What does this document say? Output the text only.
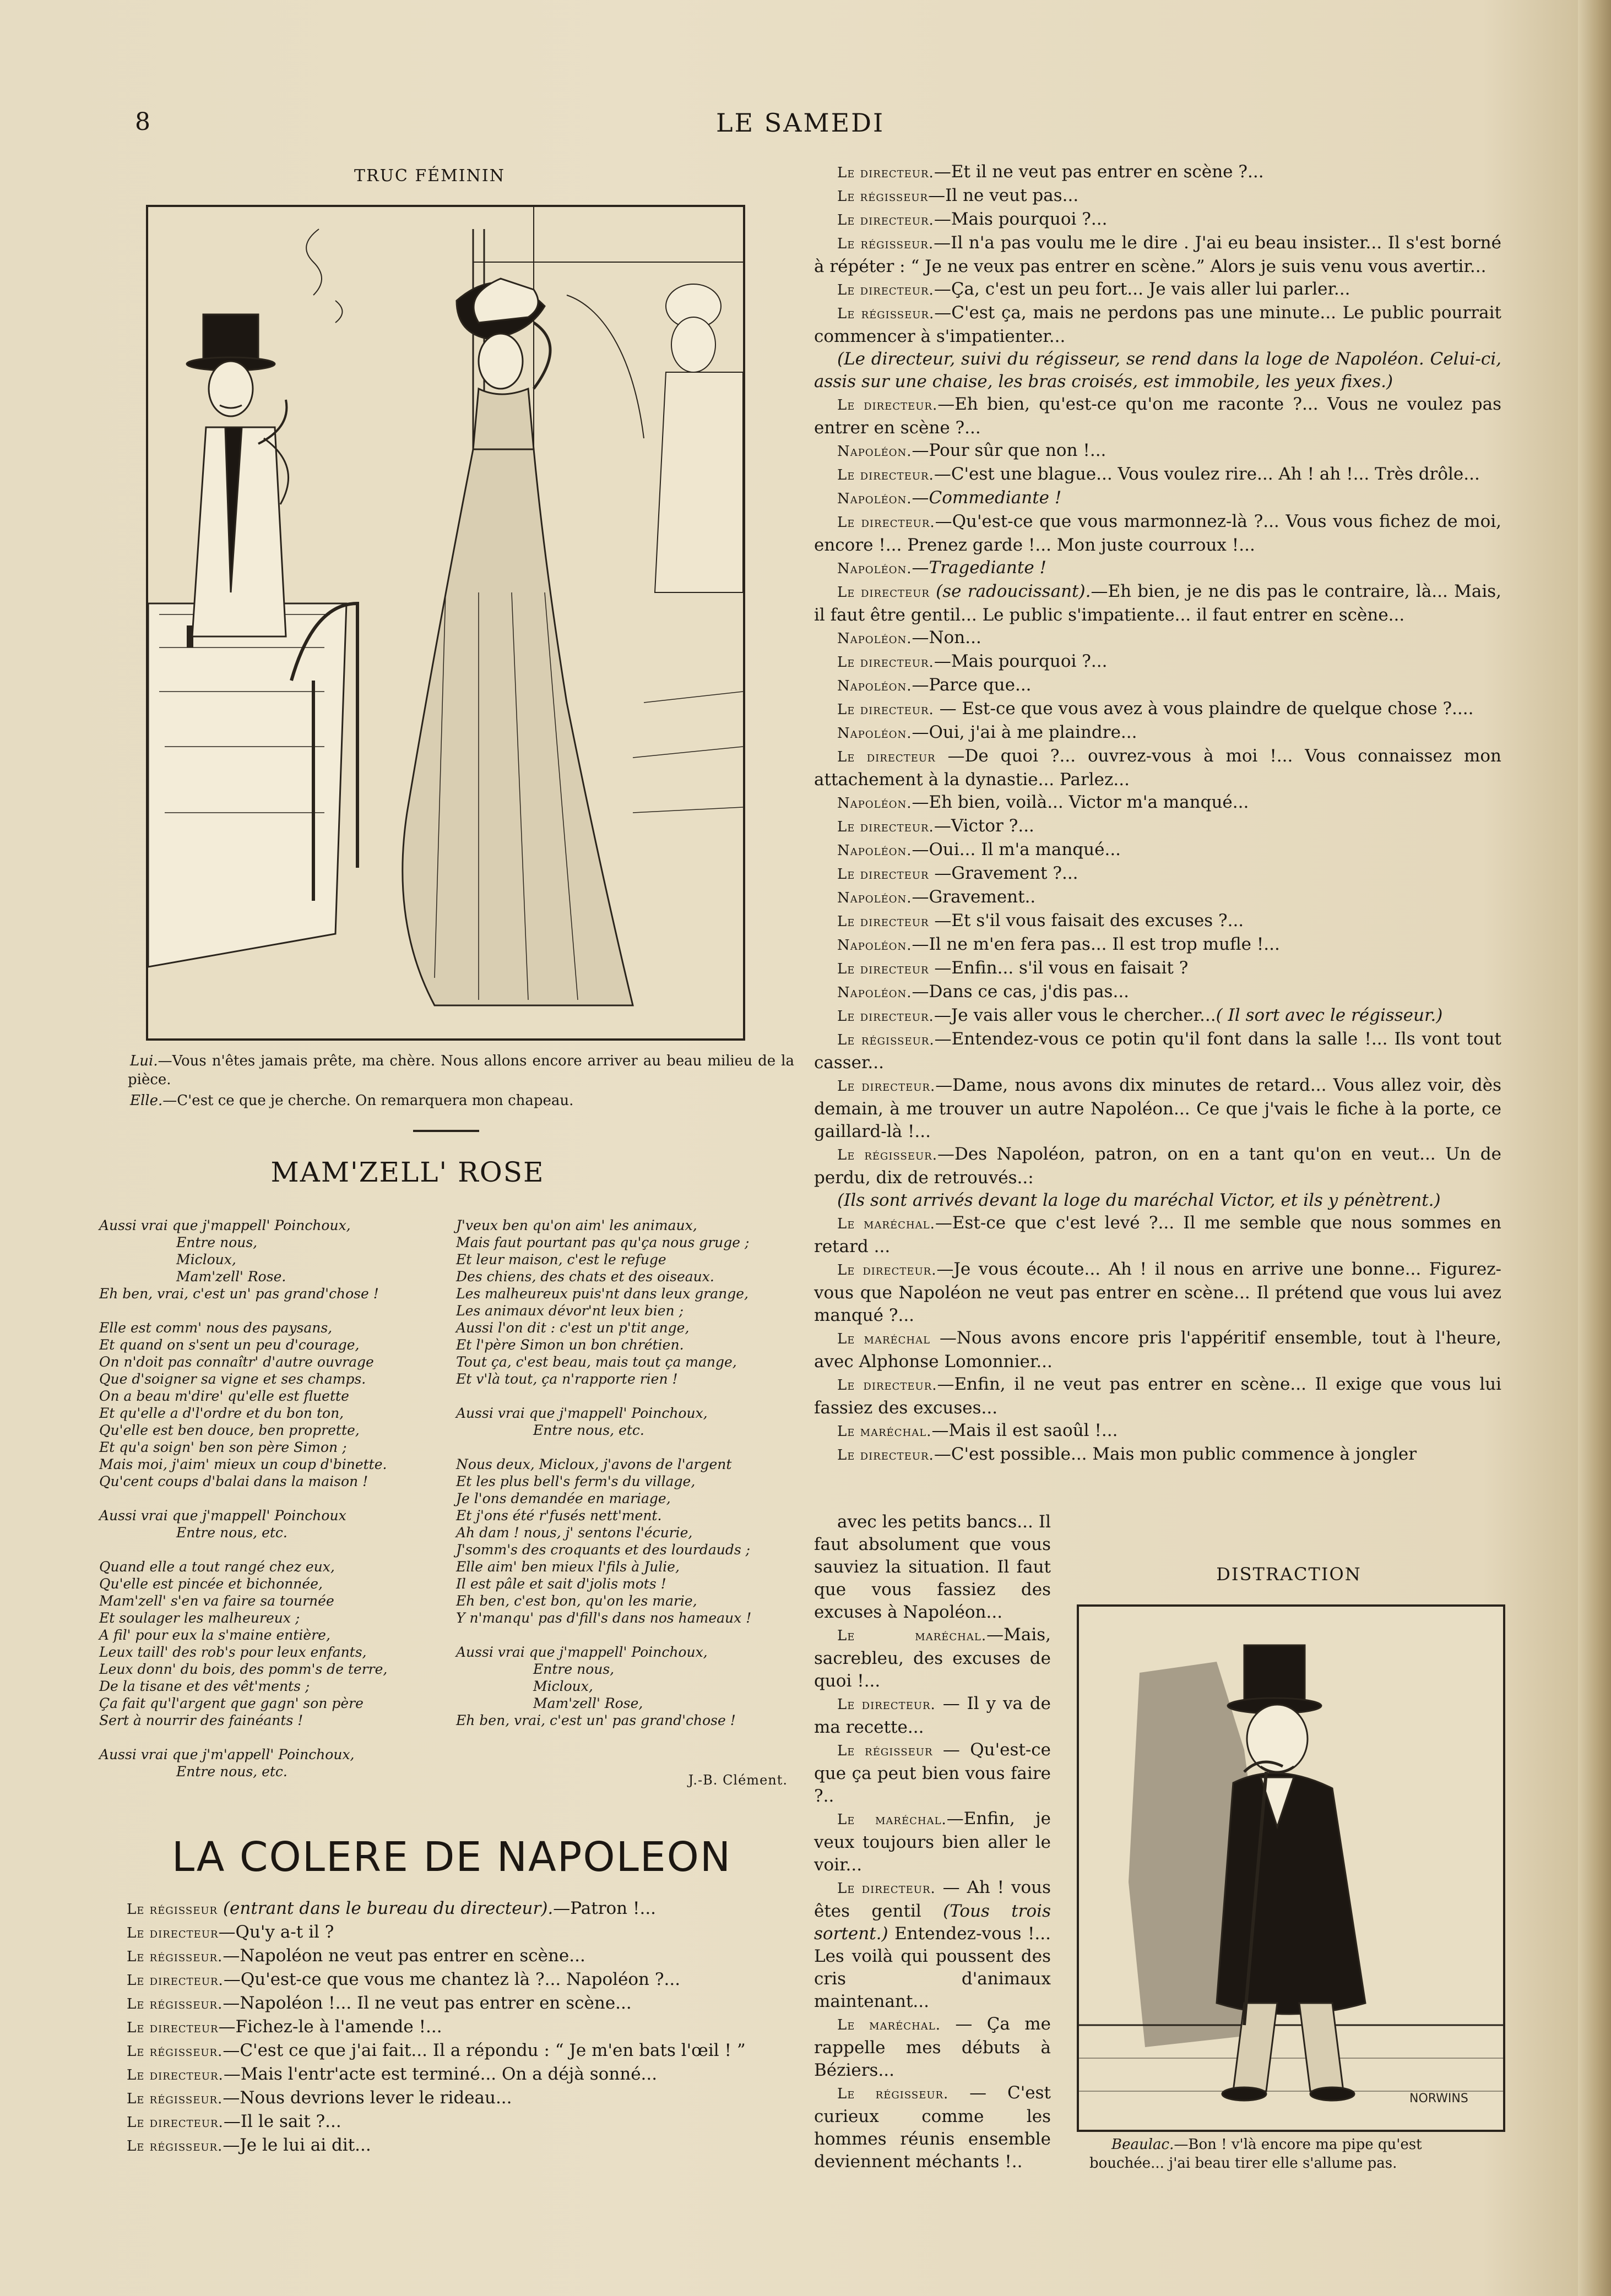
8	LE SAMEDI
TRUC FÉMININ
Lui.—Vous n'êtes jamais prête, ma chère. Nous allons encore arriver au beau milieu de la pièce.
Elle.—C'est ce que je cherche. On remarquera mon chapeau.
MAM'ZELL' ROSE
Aussi vrai que j'mappell' Poinchoux,
Entre nous,
Micloux,
Mam'zell' Rose.
Eh ben, vrai, c'est un' pas grand'chose !
Elle est comm' nous des paysans,
Et quand on s'sent un peu d'courage,
On n'doit pas connaîtr' d'autre ouvrage
Que d'soigner sa vigne et ses champs.
On a beau m'dire' qu'elle est fluette
Et qu'elle a d'l'ordre et du bon ton,
Qu'elle est ben douce, ben proprette,
Et qu'a soign' ben son père Simon ;
Mais moi, j'aim' mieux un coup d'binette.
Qu'cent coups d'balai dans la maison !
Aussi vrai que j'mappell' Poinchoux
Entre nous, etc.
Quand elle a tout rangé chez eux,
Qu'elle est pincée et bichonnée,
Mam'zell' s'en va faire sa tournée
Et soulager les malheureux ;
A fil' pour eux la s'maine entière,
Leux taill' des rob's pour leux enfants,
Leux donn' du bois, des pomm's de terre,
De la tisane et des vêt'ments ;
Ça fait qu'l'argent que gagn' son père
Sert à nourrir des fainéants !
Aussi vrai que j'm'appell' Poinchoux,
Entre nous, etc.
J'veux ben qu'on aim' les animaux,
Mais faut pourtant pas qu'ça nous gruge ;
Et leur maison, c'est le refuge
Des chiens, des chats et des oiseaux.
Les malheureux puis'nt dans leux grange,
Les animaux dévor'nt leux bien ;
Aussi l'on dit : c'est un p'tit ange,
Et l'père Simon un bon chrétien.
Tout ça, c'est beau, mais tout ça mange,
Et v'là tout, ça n'rapporte rien !
Aussi vrai que j'mappell' Poinchoux,
Entre nous, etc.
Nous deux, Micloux, j'avons de l'argent
Et les plus bell's ferm's du village,
Je l'ons demandée en mariage,
Et j'ons été r'fusés nett'ment.
Ah dam ! nous, j' sentons l'écurie,
J'somm's des croquants et des lourdauds ;
Elle aim' ben mieux l'fils à Julie,
Il est pâle et sait d'jolis mots !
Eh ben, c'est bon, qu'on les marie,
Y n'manqu' pas d'fill's dans nos hameaux !
Aussi vrai que j'mappell' Poinchoux,
Entre nous,
Micloux,
Mam'zell' Rose,
Eh ben, vrai, c'est un' pas grand'chose !
J.-B. Clément.
LA COLERE DE NAPOLEON

Le régisseur (entrant dans le bureau du directeur).—Patron !...

Le directeur—Qu'y a-t il ?

Le régisseur.—Napoléon ne veut pas entrer en scène...

Le directeur.—Qu'est-ce que vous me chantez là ?... Napoléon ?...

Le régisseur.—Napoléon !... Il ne veut pas entrer en scène...

Le directeur—Fichez-le à l'amende !...

Le régisseur.—C'est ce que j'ai fait... Il a répondu : “ Je m'en bats l'œil ! ”

Le directeur.—Mais l'entr'acte est terminé... On a déjà sonné...

Le régisseur.—Nous devrions lever le rideau...

Le directeur.—Il le sait ?...

Le régisseur.—Je le lui ai dit...

Le directeur.—Et il ne veut pas entrer en scène ?...

Le régisseur—Il ne veut pas...

Le directeur.—Mais pourquoi ?...

Le régisseur.—Il n'a pas voulu me le dire . J'ai eu beau insister... Il s'est borné à répéter : “ Je ne veux pas entrer en scène.” Alors je suis venu vous avertir...

Le directeur.—Ça, c'est un peu fort... Je vais aller lui parler...

Le régisseur.—C'est ça, mais ne perdons pas une minute... Le public pourrait commencer à s'impatienter...

(Le directeur, suivi du régisseur, se rend dans la loge de Napoléon. Celui-ci, assis sur une chaise, les bras croisés, est immobile, les yeux fixes.)

Le directeur.—Eh bien, qu'est-ce qu'on me raconte ?... Vous ne voulez pas entrer en scène ?...

Napoléon.—Pour sûr que non !...

Le directeur.—C'est une blague... Vous voulez rire... Ah ! ah !... Très drôle...

Napoléon.—Commediante !

Le directeur.—Qu'est-ce que vous marmonnez-là ?... Vous vous fichez de moi, encore !... Prenez garde !... Mon juste courroux !...

Napoléon.—Tragediante !

Le directeur (se radoucissant).—Eh bien, je ne dis pas le contraire, là... Mais, il faut être gentil... Le public s'impatiente... il faut entrer en scène...

Napoléon.—Non...

Le directeur.—Mais pourquoi ?...

Napoléon.—Parce que...

Le directeur. — Est-ce que vous avez à vous plaindre de quelque chose ?....

Napoléon.—Oui, j'ai à me plaindre...

Le directeur —De quoi ?... ouvrez-vous à moi !... Vous connaissez mon attachement à la dynastie... Parlez...

Napoléon.—Eh bien, voilà... Victor m'a manqué...

Le directeur.—Victor ?...

Napoléon.—Oui... Il m'a manqué...

Le directeur —Gravement ?...

Napoléon.—Gravement..

Le directeur —Et s'il vous faisait des excuses ?...

Napoléon.—Il ne m'en fera pas... Il est trop mufle !...

Le directeur —Enfin... s'il vous en faisait ?

Napoléon.—Dans ce cas, j'dis pas...

Le directeur.—Je vais aller vous le chercher...( Il sort avec le régisseur.)

Le régisseur.—Entendez-vous ce potin qu'il font dans la salle !... Ils vont tout casser...

Le directeur.—Dame, nous avons dix minutes de retard... Vous allez voir, dès demain, à me trouver un autre Napoléon... Ce que j'vais le fiche à la porte, ce gaillard-là !...

Le régisseur.—Des Napoléon, patron, on en a tant qu'on en veut... Un de perdu, dix de retrouvés..:

(Ils sont arrivés devant la loge du maréchal Victor, et ils y pénètrent.)

Le maréchal.—Est-ce que c'est levé ?... Il me semble que nous sommes en retard ...

Le directeur.—Je vous écoute... Ah ! il nous en arrive une bonne... Figurez-vous que Napoléon ne veut pas entrer en scène... Il prétend que vous lui avez manqué ?...

Le maréchal —Nous avons encore pris l'appéritif ensemble, tout à l'heure, avec Alphonse Lomonnier...

Le directeur.—Enfin, il ne veut pas entrer en scène... Il exige que vous lui fassiez des excuses...

Le maréchal.—Mais il est saoûl !...

Le directeur.—C'est possible... Mais mon public commence à jongler

avec les petits bancs... Il faut absolument que vous sauviez la situation. Il faut que vous fassiez des excuses à Napoléon...

Le maréchal.—Mais, sacrebleu, des excuses de quoi !...

Le directeur. — Il y va de ma recette...

Le régisseur — Qu'est-ce que ça peut bien vous faire ?..

Le maréchal.—Enfin, je veux toujours bien aller le voir...

Le directeur. — Ah ! vous êtes gentil (Tous trois sortent.) Entendez-vous !... Les voilà qui poussent des cris d'animaux maintenant...

Le maréchal. — Ça me rappelle mes débuts à Béziers...

Le régisseur. — C'est curieux comme les hommes réunis ensemble deviennent méchants !..

DISTRACTION
NORWINS
Beaulac.—Bon ! v'là encore ma pipe qu'est bouchée... j'ai beau tirer elle s'allume pas.
